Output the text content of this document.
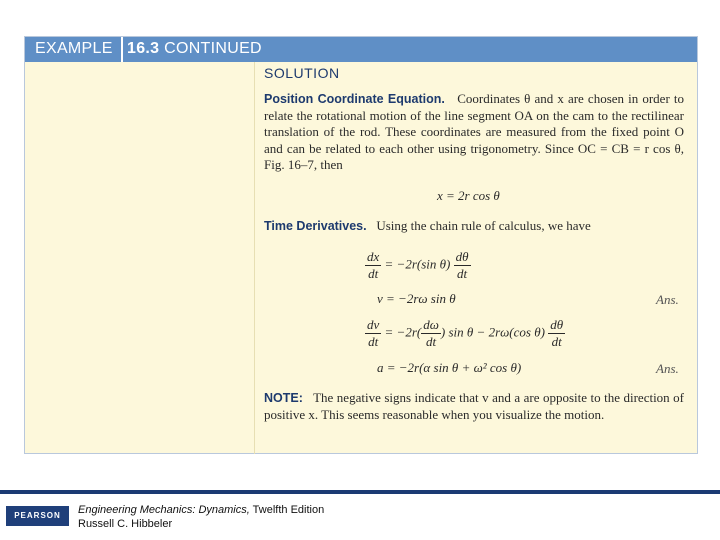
EXAMPLE 16.3 CONTINUED
SOLUTION
Position Coordinate Equation. Coordinates θ and x are chosen in order to relate the rotational motion of the line segment OA on the cam to the rectilinear translation of the rod. These coordinates are measured from the fixed point O and can be related to each other using trigonometry. Since OC = CB = r cos θ, Fig. 16–7, then
x = 2r cos θ
Time Derivatives. Using the chain rule of calculus, we have
$\frac{dx}{dt} = -2r(\sin$ $\theta) \frac{d\theta}{dt}$
v = −2rω sin θ	Ans.
$\frac{dv}{dt} = -2r( \frac{d\omega}{dt}$ ) sin θ − 2rω(cos $\theta) \frac{d\theta}{dt}$
a = −2r(α sin θ + ω² cos θ)	Ans.
NOTE: The negative signs indicate that v and a are opposite to the direction of positive x. This seems reasonable when you visualize the motion.
PEARSON	Engineering Mechanics: Dynamics, Twelfth Edition
Russell C. Hibbeler
